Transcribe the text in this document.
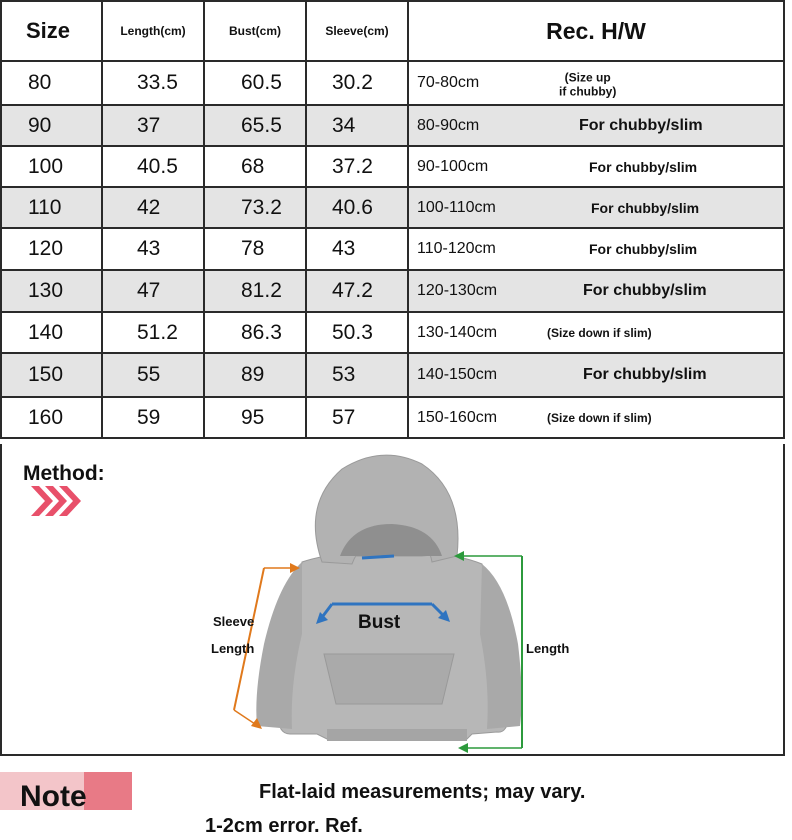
Size	Length(cm)	Bust(cm)	Sleeve(cm)	Rec. H/W
80	33.5	60.5	30.2	70-80cm (Size up
if chubby)

90	37	65.5	34	80-90cm For chubby/slim

100	40.5	68	37.2	90-100cm For chubby/slim

110	42	73.2	40.6	100-110cm For chubby/slim

120	43	78	43	110-120cm For chubby/slim

130	47	81.2	47.2	120-130cm For chubby/slim

140	51.2	86.3	50.3	130-140cm (Size down if slim)

150	55	89	53	140-150cm For chubby/slim

160	59	95	57	150-160cm (Size down if slim)
Method:
Bust
Sleeve
Length	Length
Note	Flat-laid measurements; may vary.
1-2cm error. Ref.
